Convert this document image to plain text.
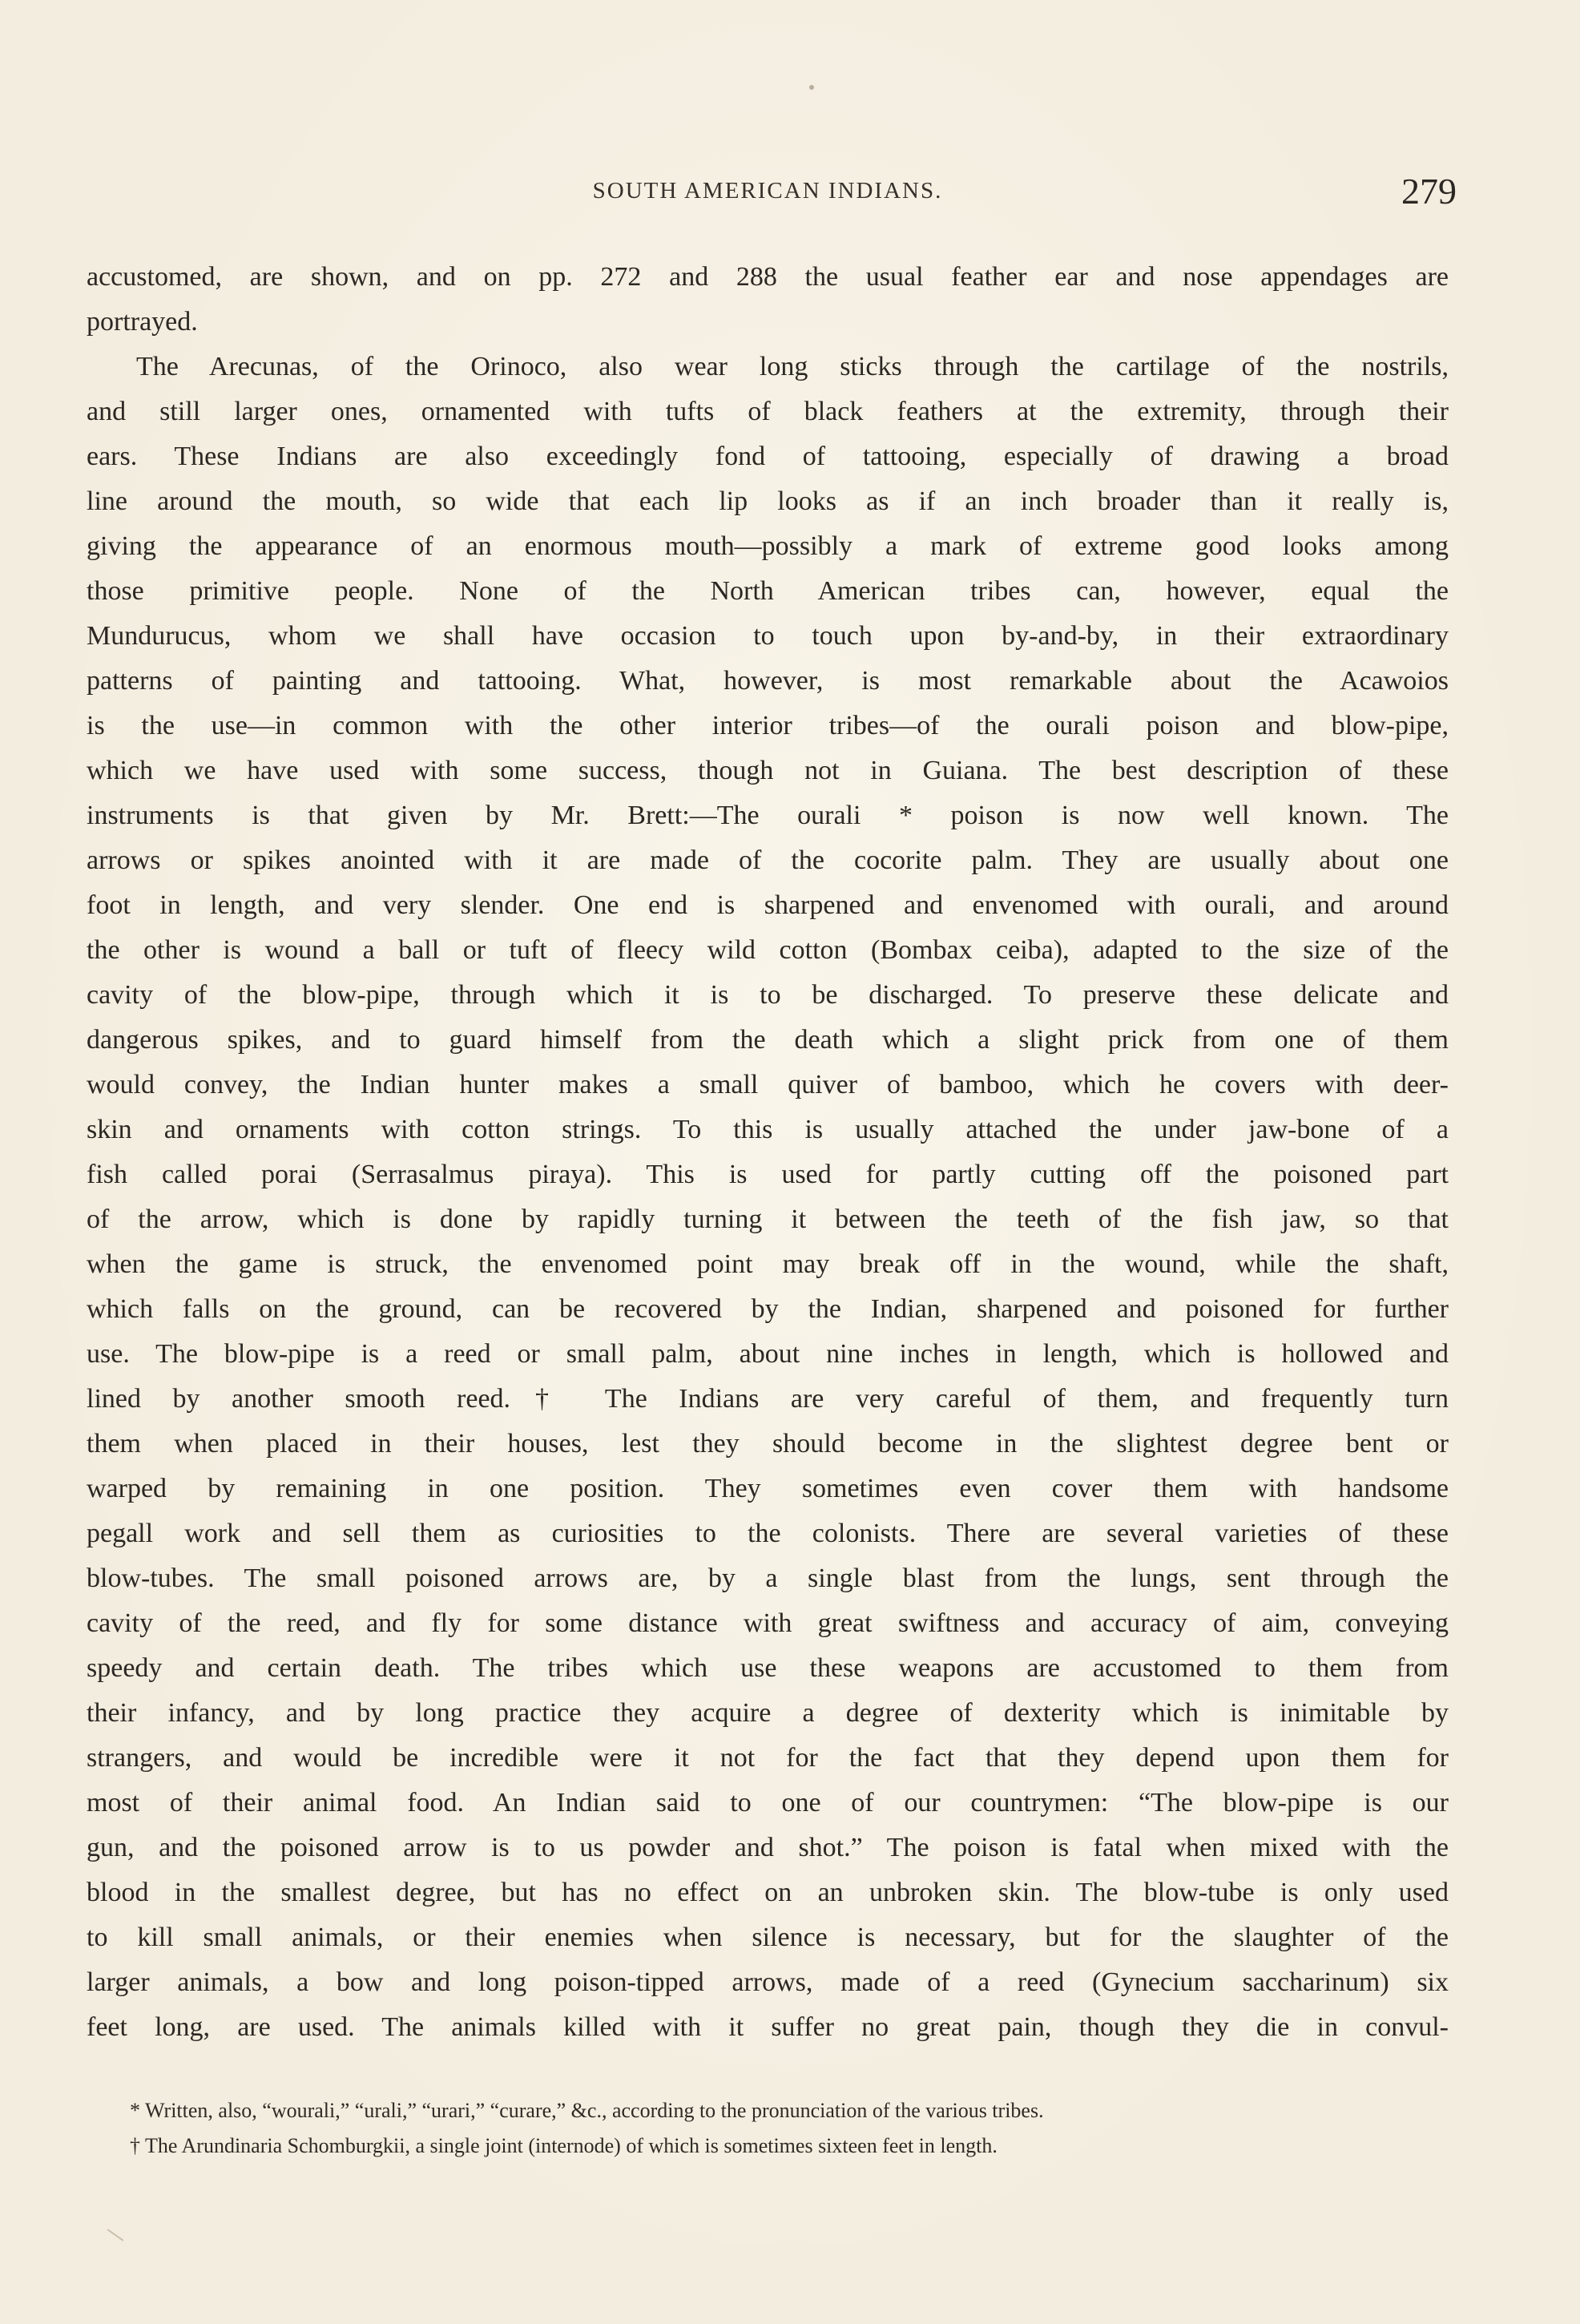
SOUTH AMERICAN INDIANS.	279
accustomed, are shown, and on pp. 272 and 288 the usual feather ear and nose appendages are
portrayed.
The Arecunas, of the Orinoco, also wear long sticks through the cartilage of the nostrils,
and still larger ones, ornamented with tufts of black feathers at the extremity, through their
ears. These Indians are also exceedingly fond of tattooing, especially of drawing a broad
line around the mouth, so wide that each lip looks as if an inch broader than it really is,
giving the appearance of an enormous mouth—possibly a mark of extreme good looks among
those primitive people. None of the North American tribes can, however, equal the
Mundurucus, whom we shall have occasion to touch upon by-and-by, in their extraordinary
patterns of painting and tattooing. What, however, is most remarkable about the Acawoios
is the use—in common with the other interior tribes—of the ourali poison and blow-pipe,
which we have used with some success, though not in Guiana. The best description of these
instruments is that given by Mr. Brett:—The ourali * poison is now well known. The
arrows or spikes anointed with it are made of the cocorite palm. They are usually about one
foot in length, and very slender. One end is sharpened and envenomed with ourali, and around
the other is wound a ball or tuft of fleecy wild cotton (Bombax ceiba), adapted to the size of the
cavity of the blow-pipe, through which it is to be discharged. To preserve these delicate and
dangerous spikes, and to guard himself from the death which a slight prick from one of them
would convey, the Indian hunter makes a small quiver of bamboo, which he covers with deer-
skin and ornaments with cotton strings. To this is usually attached the under jaw-bone of a
fish called porai (Serrasalmus piraya). This is used for partly cutting off the poisoned part
of the arrow, which is done by rapidly turning it between the teeth of the fish jaw, so that
when the game is struck, the envenomed point may break off in the wound, while the shaft,
which falls on the ground, can be recovered by the Indian, sharpened and poisoned for further
use. The blow-pipe is a reed or small palm, about nine inches in length, which is hollowed and
lined by another smooth reed.† The Indians are very careful of them, and frequently turn
them when placed in their houses, lest they should become in the slightest degree bent or
warped by remaining in one position. They sometimes even cover them with handsome
pegall work and sell them as curiosities to the colonists. There are several varieties of these
blow-tubes. The small poisoned arrows are, by a single blast from the lungs, sent through the
cavity of the reed, and fly for some distance with great swiftness and accuracy of aim, conveying
speedy and certain death. The tribes which use these weapons are accustomed to them from
their infancy, and by long practice they acquire a degree of dexterity which is inimitable by
strangers, and would be incredible were it not for the fact that they depend upon them for
most of their animal food. An Indian said to one of our countrymen: “The blow-pipe is our
gun, and the poisoned arrow is to us powder and shot.” The poison is fatal when mixed with the
blood in the smallest degree, but has no effect on an unbroken skin. The blow-tube is only used
to kill small animals, or their enemies when silence is necessary, but for the slaughter of the
larger animals, a bow and long poison-tipped arrows, made of a reed (Gynecium saccharinum) six
feet long, are used. The animals killed with it suffer no great pain, though they die in convul-
* Written, also, “wourali,” “urali,” “urari,” “curare,” &c., according to the pronunciation of the various tribes.
† The Arundinaria Schomburgkii, a single joint (internode) of which is sometimes sixteen feet in length.
